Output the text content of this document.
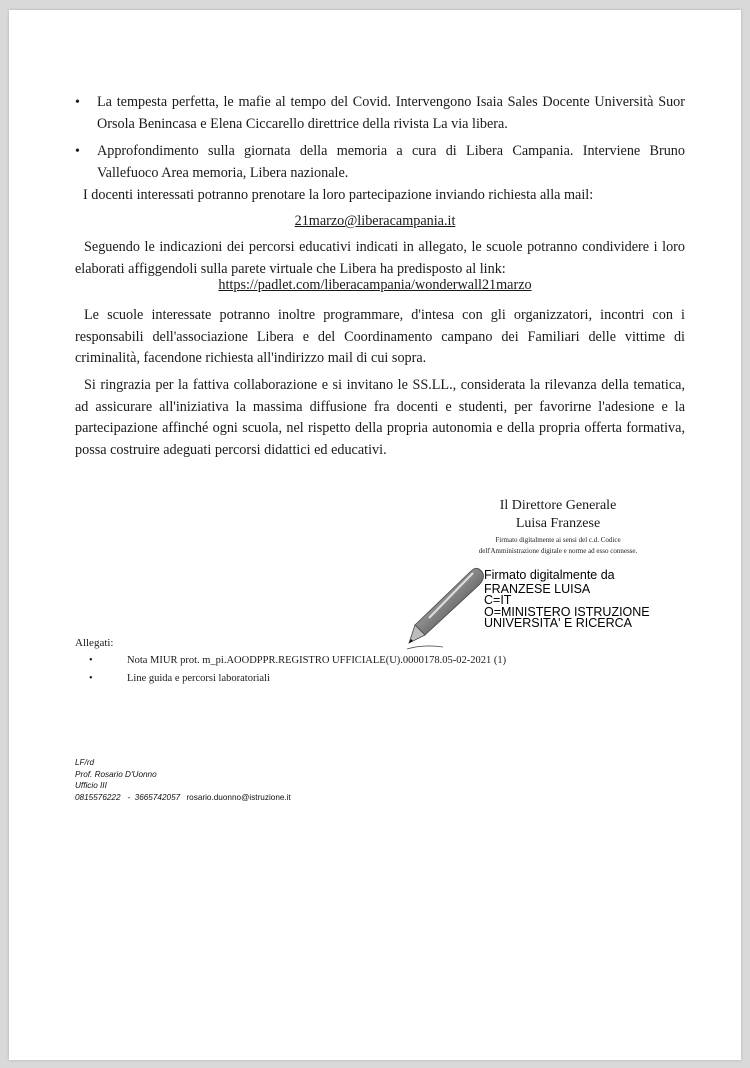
• La tempesta perfetta, le mafie al tempo del Covid. Intervengono Isaia Sales Docente Università Suor Orsola Benincasa e Elena Ciccarello direttrice della rivista La via libera.
• Approfondimento sulla giornata della memoria a cura di Libera Campania. Interviene Bruno Vallefuoco Area memoria, Libera nazionale.
I docenti interessati potranno prenotare la loro partecipazione inviando richiesta alla mail:
21marzo@liberacampania.it
Seguendo le indicazioni dei percorsi educativi indicati in allegato, le scuole potranno condividere i loro elaborati affiggendoli sulla parete virtuale che Libera ha predisposto al link:
https://padlet.com/liberacampania/wonderwall21marzo
Le scuole interessate potranno inoltre programmare, d'intesa con gli organizzatori, incontri con i responsabili dell'associazione Libera e del Coordinamento campano dei Familiari delle vittime di criminalità, facendone richiesta all'indirizzo mail di cui sopra.
Si ringrazia per la fattiva collaborazione e si invitano le SS.LL., considerata la rilevanza della tematica, ad assicurare all'iniziativa la massima diffusione fra docenti e studenti, per favorirne l'adesione e la partecipazione affinché ogni scuola, nel rispetto della propria autonomia e della propria offerta formativa, possa costruire adeguati percorsi didattici ed educativi.
Il Direttore Generale
Luisa Franzese
Firmato digitalmente ai sensi del c.d. Codice
dell'Amministrazione digitale e norme ad esso connesse.
Firmato digitalmente da
FRANZESE LUISA
C=IT
O=MINISTERO ISTRUZIONE
UNIVERSITA' E RICERCA
Allegati:
•	Nota MIUR prot. m_pi.AOODPPR.REGISTRO UFFICIALE(U).0000178.05-02-2021 (1)
•	Line guida e percorsi laboratoriali
LF/rd
Prof. Rosario D'Uonno
Ufficio III
0815576222   -  3665742057 rosario.duonno@istruzione.it
